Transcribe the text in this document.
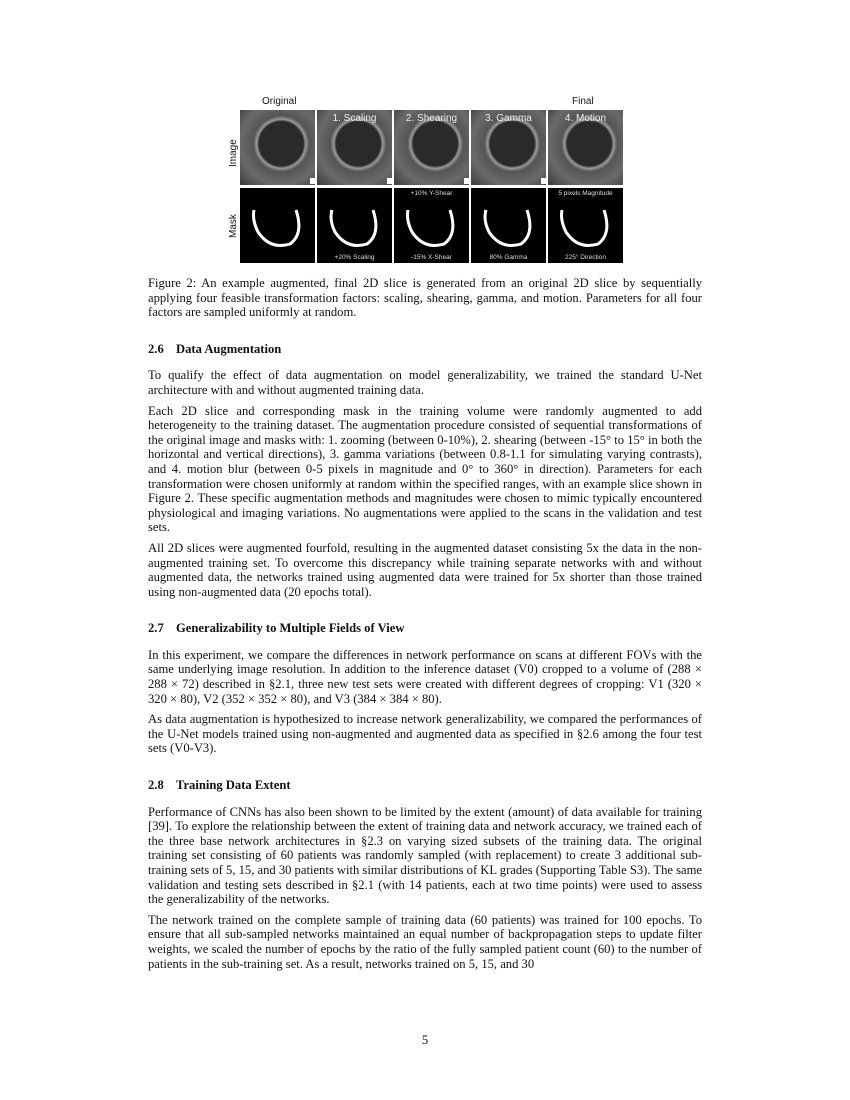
Original	Final
Image
Mask
1. Scaling
+20% Scaling
2. Shearing
+10% Y-Shear
-15% X-Shear
3. Gamma
80% Gamma
4. Motion
5 pixels Magnitude
225° Direction

Figure 2: An example augmented, final 2D slice is generated from an original 2D slice by sequentially applying four feasible transformation factors: scaling, shearing, gamma, and motion. Parameters for all four factors are sampled uniformly at random.

2.6 Data Augmentation

To qualify the effect of data augmentation on model generalizability, we trained the standard U-Net architecture with and without augmented training data.

Each 2D slice and corresponding mask in the training volume were randomly augmented to add heterogeneity to the training dataset. The augmentation procedure consisted of sequential transformations of the original image and masks with: 1. zooming (between 0-10%), 2. shearing (between -15° to 15° in both the horizontal and vertical directions), 3. gamma variations (between 0.8-1.1 for simulating varying contrasts), and 4. motion blur (between 0-5 pixels in magnitude and 0° to 360° in direction). Parameters for each transformation were chosen uniformly at random within the specified ranges, with an example slice shown in Figure 2. These specific augmentation methods and magnitudes were chosen to mimic typically encountered physiological and imaging variations. No augmentations were applied to the scans in the validation and test sets.

All 2D slices were augmented fourfold, resulting in the augmented dataset consisting 5x the data in the non-augmented training set. To overcome this discrepancy while training separate networks with and without augmented data, the networks trained using augmented data were trained for 5x shorter than those trained using non-augmented data (20 epochs total).

2.7 Generalizability to Multiple Fields of View

In this experiment, we compare the differences in network performance on scans at different FOVs with the same underlying image resolution. In addition to the inference dataset (V0) cropped to a volume of (288 × 288 × 72) described in §2.1, three new test sets were created with different degrees of cropping: V1 (320 × 320 × 80), V2 (352 × 352 × 80), and V3 (384 × 384 × 80).

As data augmentation is hypothesized to increase network generalizability, we compared the performances of the U-Net models trained using non-augmented and augmented data as specified in §2.6 among the four test sets (V0-V3).

2.8 Training Data Extent

Performance of CNNs has also been shown to be limited by the extent (amount) of data available for training [39]. To explore the relationship between the extent of training data and network accuracy, we trained each of the three base network architectures in §2.3 on varying sized subsets of the training data. The original training set consisting of 60 patients was randomly sampled (with replacement) to create 3 additional sub-training sets of 5, 15, and 30 patients with similar distributions of KL grades (Supporting Table S3). The same validation and testing sets described in §2.1 (with 14 patients, each at two time points) were used to assess the generalizability of the networks.

The network trained on the complete sample of training data (60 patients) was trained for 100 epochs. To ensure that all sub-sampled networks maintained an equal number of backpropagation steps to update filter weights, we scaled the number of epochs by the ratio of the fully sampled patient count (60) to the number of patients in the sub-training set. As a result, networks trained on 5, 15, and 30

5
